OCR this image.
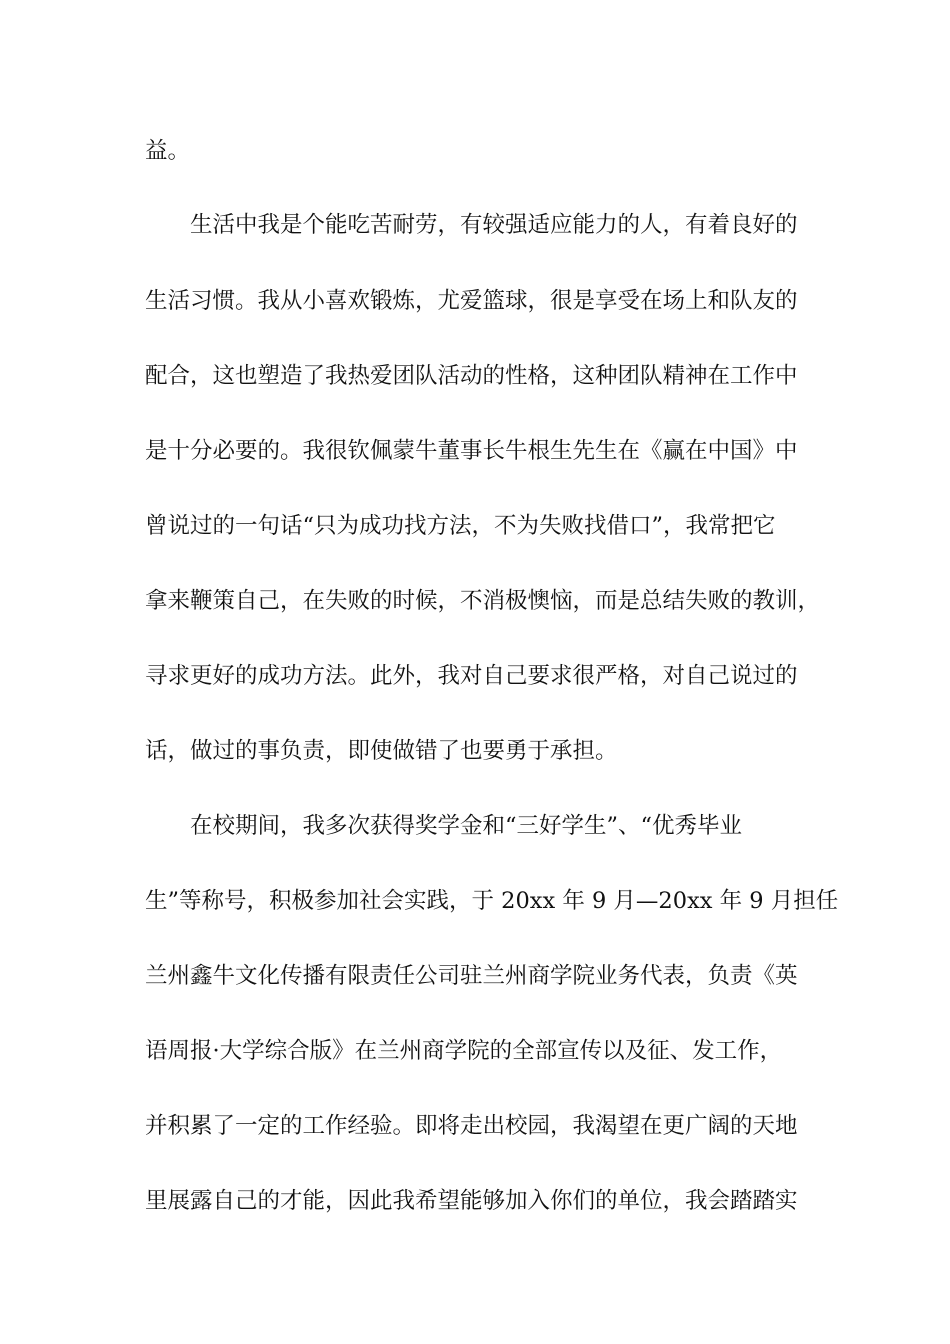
益。
生活中我是个能吃苦耐劳，有较强适应能力的人，有着良好的
生活习惯。我从小喜欢锻炼，尤爱篮球，很是享受在场上和队友的
配合，这也塑造了我热爱团队活动的性格，这种团队精神在工作中
是十分必要的。我很钦佩蒙牛董事长牛根生先生在《赢在中国》中
曾说过的一句话“只为成功找方法，不为失败找借口”，我常把它
拿来鞭策自己，在失败的时候，不消极懊恼，而是总结失败的教训，
寻求更好的成功方法。此外，我对自己要求很严格，对自己说过的
话，做过的事负责，即使做错了也要勇于承担。
在校期间，我多次获得奖学金和“三好学生”、“优秀毕业
生”等称号，积极参加社会实践，于 20xx 年 9 月—20xx 年 9 月担任
兰州鑫牛文化传播有限责任公司驻兰州商学院业务代表，负责《英
语周报·大学综合版》在兰州商学院的全部宣传以及征、发工作，
并积累了一定的工作经验。即将走出校园，我渴望在更广阔的天地
里展露自己的才能，因此我希望能够加入你们的单位，我会踏踏实
